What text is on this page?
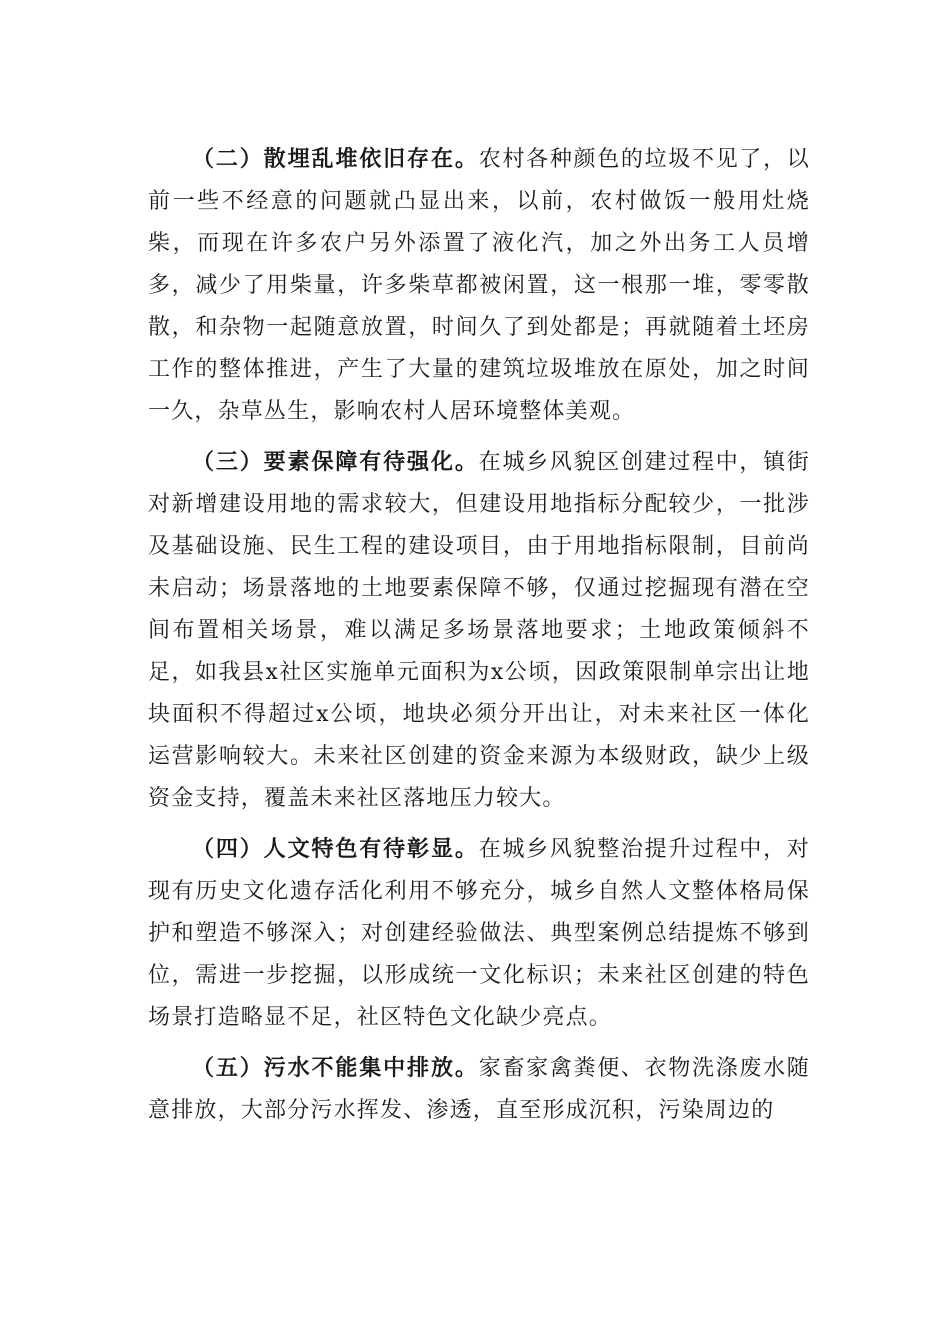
（二）散埋乱堆依旧存在。农村各种颜色的垃圾不见了，以前一些不经意的问题就凸显出来，以前，农村做饭一般用灶烧柴，而现在许多农户另外添置了液化汽，加之外出务工人员增多，减少了用柴量，许多柴草都被闲置，这一根那一堆，零零散散，和杂物一起随意放置，时间久了到处都是；再就随着土坯房工作的整体推进，产生了大量的建筑垃圾堆放在原处，加之时间一久，杂草丛生，影响农村人居环境整体美观。

（三）要素保障有待强化。在城乡风貌区创建过程中，镇街对新增建设用地的需求较大，但建设用地指标分配较少，一批涉及基础设施、民生工程的建设项目，由于用地指标限制，目前尚未启动；场景落地的土地要素保障不够，仅通过挖掘现有潜在空间布置相关场景，难以满足多场景落地要求；土地政策倾斜不足，如我县x社区实施单元面积为x公顷，因政策限制单宗出让地块面积不得超过x公顷，地块必须分开出让，对未来社区一体化运营影响较大。未来社区创建的资金来源为本级财政，缺少上级资金支持，覆盖未来社区落地压力较大。

（四）人文特色有待彰显。在城乡风貌整治提升过程中，对现有历史文化遗存活化利用不够充分，城乡自然人文整体格局保护和塑造不够深入；对创建经验做法、典型案例总结提炼不够到位，需进一步挖掘，以形成统一文化标识；未来社区创建的特色场景打造略显不足，社区特色文化缺少亮点。

（五）污水不能集中排放。家畜家禽粪便、衣物洗涤废水随意排放，大部分污水挥发、渗透，直至形成沉积，污染周边的
